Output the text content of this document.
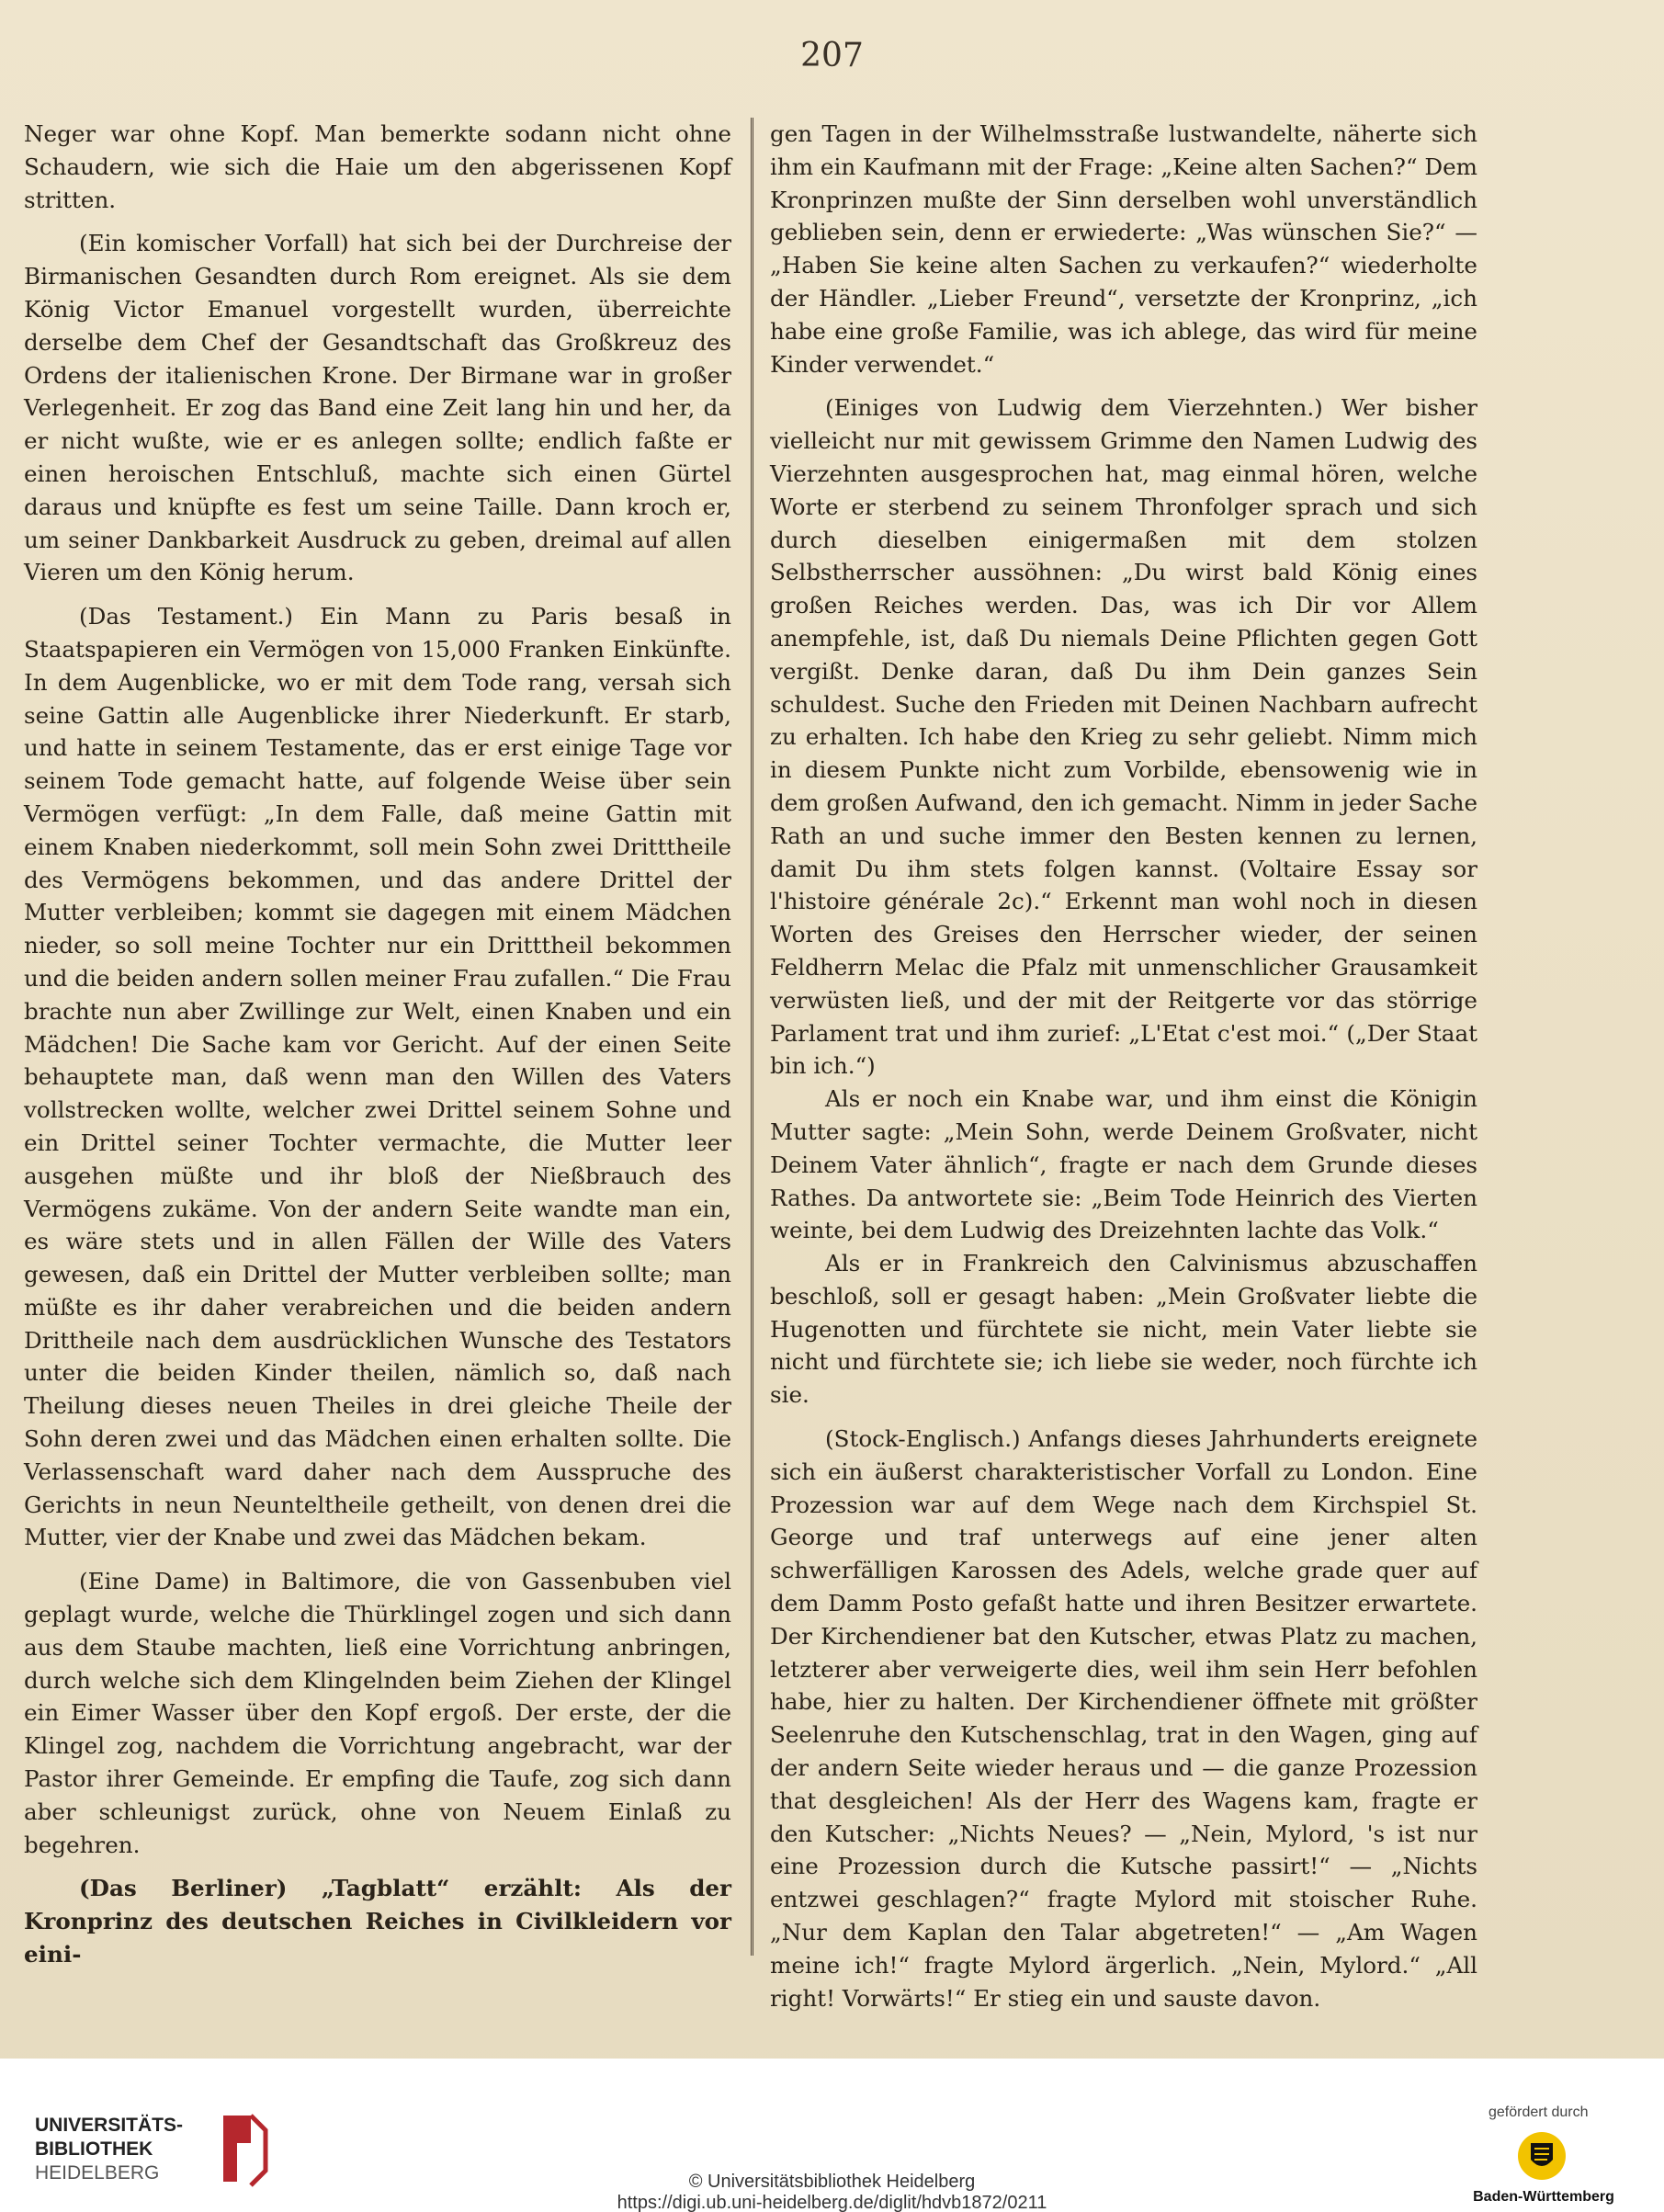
207

Neger war ohne Kopf. Man bemerkte sodann nicht ohne Schaudern, wie sich die Haie um den abgerissenen Kopf stritten.

(Ein komischer Vorfall) hat sich bei der Durchreise der Birmanischen Gesandten durch Rom ereignet. Als sie dem König Victor Emanuel vorgestellt wurden, überreichte derselbe dem Chef der Gesandtschaft das Großkreuz des Ordens der italienischen Krone. Der Birmane war in großer Verlegenheit. Er zog das Band eine Zeit lang hin und her, da er nicht wußte, wie er es anlegen sollte; endlich faßte er einen heroischen Entschluß, machte sich einen Gürtel daraus und knüpfte es fest um seine Taille. Dann kroch er, um seiner Dankbarkeit Ausdruck zu geben, dreimal auf allen Vieren um den König herum.

(Das Testament.) Ein Mann zu Paris besaß in Staatspapieren ein Vermögen von 15,000 Franken Einkünfte. In dem Augenblicke, wo er mit dem Tode rang, versah sich seine Gattin alle Augenblicke ihrer Niederkunft. Er starb, und hatte in seinem Testamente, das er erst einige Tage vor seinem Tode gemacht hatte, auf folgende Weise über sein Vermögen verfügt: „In dem Falle, daß meine Gattin mit einem Knaben niederkommt, soll mein Sohn zwei Dritttheile des Vermögens bekommen, und das andere Drittel der Mutter verbleiben; kommt sie dagegen mit einem Mädchen nieder, so soll meine Tochter nur ein Dritttheil bekommen und die beiden andern sollen meiner Frau zufallen.“ Die Frau brachte nun aber Zwillinge zur Welt, einen Knaben und ein Mädchen! Die Sache kam vor Gericht. Auf der einen Seite behauptete man, daß wenn man den Willen des Vaters vollstrecken wollte, welcher zwei Drittel seinem Sohne und ein Drittel seiner Tochter vermachte, die Mutter leer ausgehen müßte und ihr bloß der Nießbrauch des Vermögens zukäme. Von der andern Seite wandte man ein, es wäre stets und in allen Fällen der Wille des Vaters gewesen, daß ein Drittel der Mutter verbleiben sollte; man müßte es ihr daher verabreichen und die beiden andern Drittheile nach dem ausdrücklichen Wunsche des Testators unter die beiden Kinder theilen, nämlich so, daß nach Theilung dieses neuen Theiles in drei gleiche Theile der Sohn deren zwei und das Mädchen einen erhalten sollte. Die Verlassenschaft ward daher nach dem Ausspruche des Gerichts in neun Neunteltheile getheilt, von denen drei die Mutter, vier der Knabe und zwei das Mädchen bekam.

(Eine Dame) in Baltimore, die von Gassenbuben viel geplagt wurde, welche die Thürklingel zogen und sich dann aus dem Staube machten, ließ eine Vorrichtung anbringen, durch welche sich dem Klingelnden beim Ziehen der Klingel ein Eimer Wasser über den Kopf ergoß. Der erste, der die Klingel zog, nachdem die Vorrichtung angebracht, war der Pastor ihrer Gemeinde. Er empfing die Taufe, zog sich dann aber schleunigst zurück, ohne von Neuem Einlaß zu begehren.

(Das Berliner) „Tagblatt“ erzählt: Als der Kronprinz des deutschen Reiches in Civilkleidern vor eini-

gen Tagen in der Wilhelmsstraße lustwandelte, näherte sich ihm ein Kaufmann mit der Frage: „Keine alten Sachen?“ Dem Kronprinzen mußte der Sinn derselben wohl unverständlich geblieben sein, denn er erwiederte: „Was wünschen Sie?“ — „Haben Sie keine alten Sachen zu verkaufen?“ wiederholte der Händler. „Lieber Freund“, versetzte der Kronprinz, „ich habe eine große Familie, was ich ablege, das wird für meine Kinder verwendet.“

(Einiges von Ludwig dem Vierzehnten.) Wer bisher vielleicht nur mit gewissem Grimme den Namen Ludwig des Vierzehnten ausgesprochen hat, mag einmal hören, welche Worte er sterbend zu seinem Thronfolger sprach und sich durch dieselben einigermaßen mit dem stolzen Selbstherrscher aussöhnen: „Du wirst bald König eines großen Reiches werden. Das, was ich Dir vor Allem anempfehle, ist, daß Du niemals Deine Pflichten gegen Gott vergißt. Denke daran, daß Du ihm Dein ganzes Sein schuldest. Suche den Frieden mit Deinen Nachbarn aufrecht zu erhalten. Ich habe den Krieg zu sehr geliebt. Nimm mich in diesem Punkte nicht zum Vorbilde, ebensowenig wie in dem großen Aufwand, den ich gemacht. Nimm in jeder Sache Rath an und suche immer den Besten kennen zu lernen, damit Du ihm stets folgen kannst. (Voltaire Essay sor l'histoire générale 2c).“ Erkennt man wohl noch in diesen Worten des Greises den Herrscher wieder, der seinen Feldherrn Melac die Pfalz mit unmenschlicher Grausamkeit verwüsten ließ, und der mit der Reitgerte vor das störrige Parlament trat und ihm zurief: „L'Etat c'est moi.“ („Der Staat bin ich.“)

Als er noch ein Knabe war, und ihm einst die Königin Mutter sagte: „Mein Sohn, werde Deinem Großvater, nicht Deinem Vater ähnlich“, fragte er nach dem Grunde dieses Rathes. Da antwortete sie: „Beim Tode Heinrich des Vierten weinte, bei dem Ludwig des Dreizehnten lachte das Volk.“

Als er in Frankreich den Calvinismus abzuschaffen beschloß, soll er gesagt haben: „Mein Großvater liebte die Hugenotten und fürchtete sie nicht, mein Vater liebte sie nicht und fürchtete sie; ich liebe sie weder, noch fürchte ich sie.

(Stock-Englisch.) Anfangs dieses Jahrhunderts ereignete sich ein äußerst charakteristischer Vorfall zu London. Eine Prozession war auf dem Wege nach dem Kirchspiel St. George und traf unterwegs auf eine jener alten schwerfälligen Karossen des Adels, welche grade quer auf dem Damm Posto gefaßt hatte und ihren Besitzer erwartete. Der Kirchendiener bat den Kutscher, etwas Platz zu machen, letzterer aber verweigerte dies, weil ihm sein Herr befohlen habe, hier zu halten. Der Kirchendiener öffnete mit größter Seelenruhe den Kutschenschlag, trat in den Wagen, ging auf der andern Seite wieder heraus und — die ganze Prozession that desgleichen! Als der Herr des Wagens kam, fragte er den Kutscher: „Nichts Neues? — „Nein, Mylord, 's ist nur eine Prozession durch die Kutsche passirt!“ — „Nichts entzwei geschlagen?“ fragte Mylord mit stoischer Ruhe. „Nur dem Kaplan den Talar abgetreten!“ — „Am Wagen meine ich!“ fragte Mylord ärgerlich. „Nein, Mylord.“ „All right! Vorwärts!“ Er stieg ein und sauste davon.

UNIVERSITÄTS-
BIBLIOTHEK
HEIDELBERG	© Universitätsbibliothek Heidelberg
https://digi.ub.uni-heidelberg.de/diglit/hdvb1872/0211
gefördert durch
Baden-Württemberg
